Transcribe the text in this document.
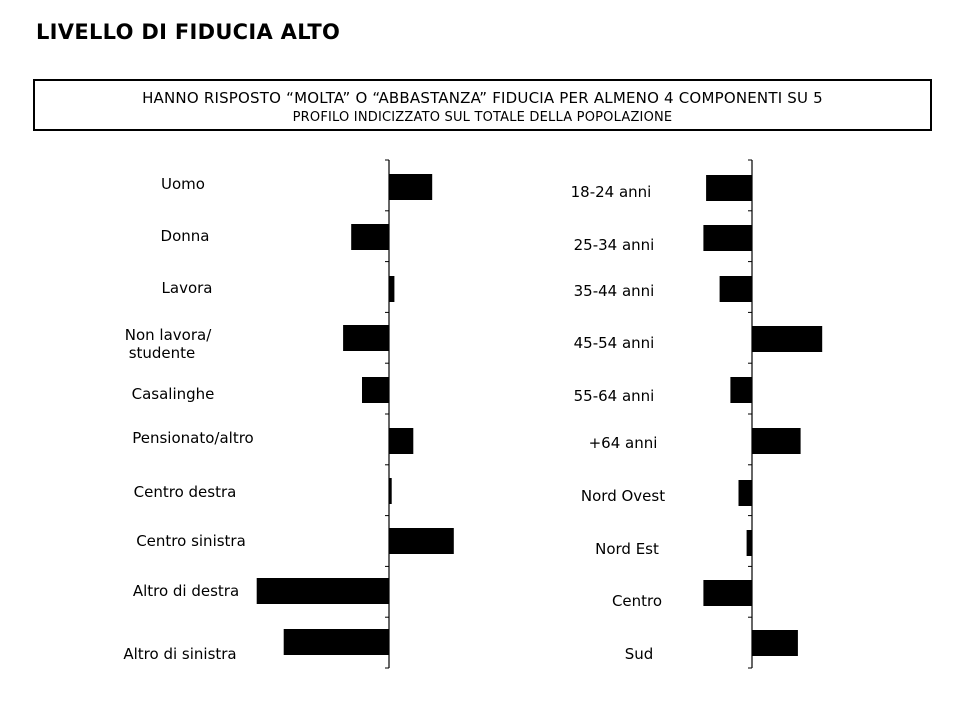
LIVELLO DI FIDUCIA ALTO
HANNO RISPOSTO “MOLTA” O “ABBASTANZA” FIDUCIA PER ALMENO 4 COMPONENTI SU 5
PROFILO INDICIZZATO SUL TOTALE DELLA POPOLAZIONE
Uomo
Donna
Lavora
Non lavora/
studente
Casalinghe
Pensionato/altro
Centro destra
Centro sinistra
Altro di destra
Altro di sinistra
18-24 anni
25-34 anni
35-44 anni
45-54 anni
55-64 anni
+64 anni
Nord Ovest
Nord Est
Centro
Sud
